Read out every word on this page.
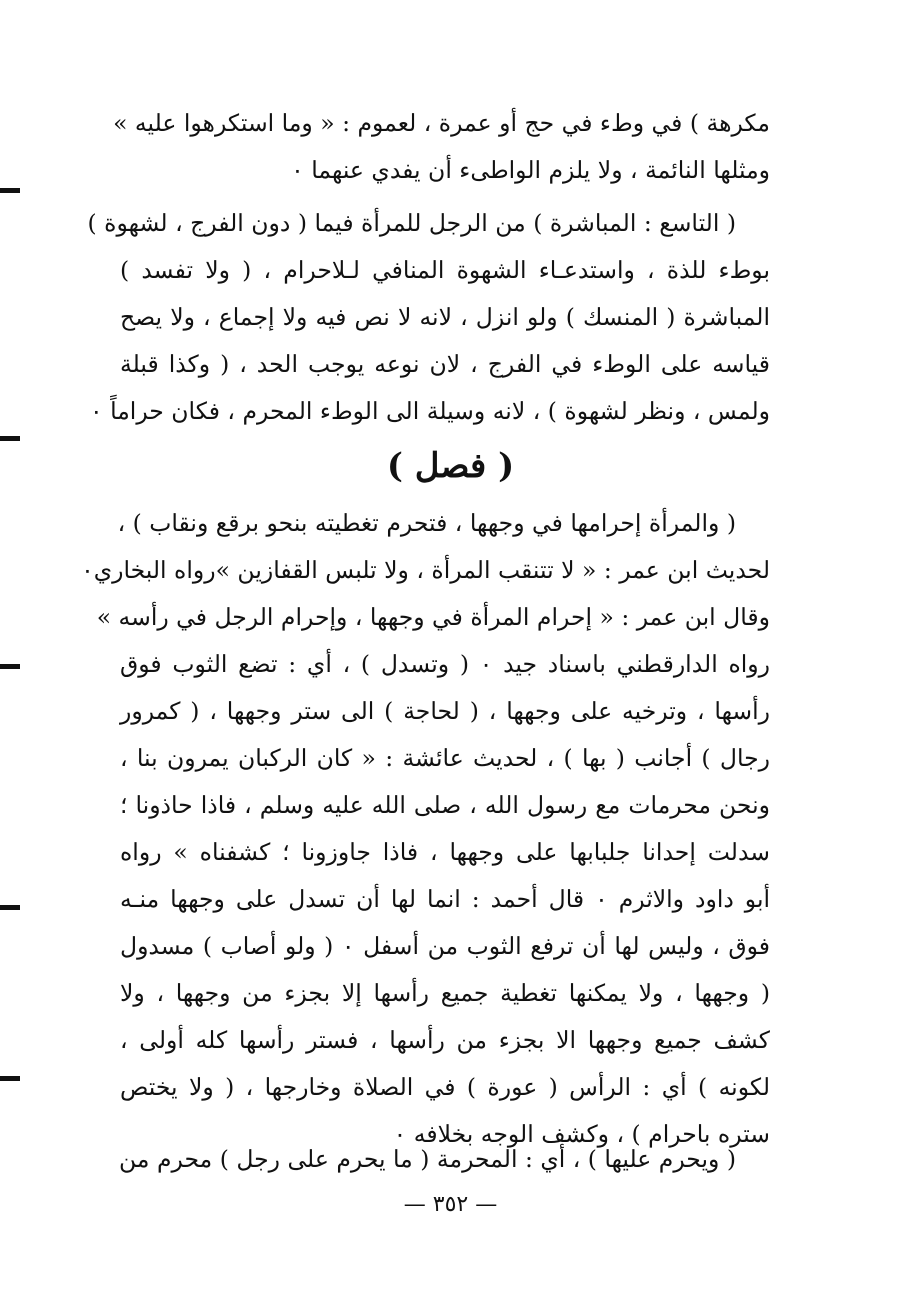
مكرهة ) في وطء في حج أو عمرة ، لعموم : « وما استكرهوا عليه »
ومثلها النائمة ، ولا يلزم الواطىء أن يفدي عنهما ٠
( التاسع : المباشرة ) من الرجل للمرأة فيما ( دون الفرج ، لشهوة )
بوطء للذة ، واستدعـاء الشهوة المنافي لـلاحرام ، ( ولا تفسد )
المباشرة ( المنسك ) ولو انزل ، لانه لا نص فيه ولا إجماع ، ولا يصح
قياسه على الوطء في الفرج ، لان نوعه يوجب الحد ، ( وكذا قبلة
ولمس ، ونظر لشهوة ) ، لانه وسيلة الى الوطء المحرم ، فكان حراماً ٠
( فصل )
( والمرأة إحرامها في وجهها ، فتحرم تغطيته بنحو برقع ونقاب ) ،
لحديث ابن عمر : « لا تتنقب المرأة ، ولا تلبس القفازين »رواه البخاري٠
وقال ابن عمر : « إحرام المرأة في وجهها ، وإحرام الرجل في رأسه »
رواه الدارقطني باسناد جيد ٠ ( وتسدل ) ، أي : تضع الثوب فوق
رأسها ، وترخيه على وجهها ، ( لحاجة ) الى ستر وجهها ، ( كمرور
رجال ) أجانب ( بها ) ، لحديث عائشة : « كان الركبان يمرون بنا ،
ونحن محرمات مع رسول الله ، صلى الله عليه وسلم ، فاذا حاذونا ؛
سدلت إحدانا جلبابها على وجهها ، فاذا جاوزونا ؛ كشفناه » رواه
أبو داود والاثرم ٠ قال أحمد : انما لها أن تسدل على وجهها منـه
فوق ، وليس لها أن ترفع الثوب من أسفل ٠ ( ولو أصاب ) مسدول
( وجهها ، ولا يمكنها تغطية جميع رأسها إلا بجزء من وجهها ، ولا
كشف جميع وجهها الا بجزء من رأسها ، فستر رأسها كله أولى ،
لكونه ) أي : الرأس ( عورة ) في الصلاة وخارجها ، ( ولا يختص
ستره باحرام ) ، وكشف الوجه بخلافه ٠
( ويحرم عليها ) ، أي : المحرمة ( ما يحرم على رجل ) محرم من
— ٣٥٢ —
